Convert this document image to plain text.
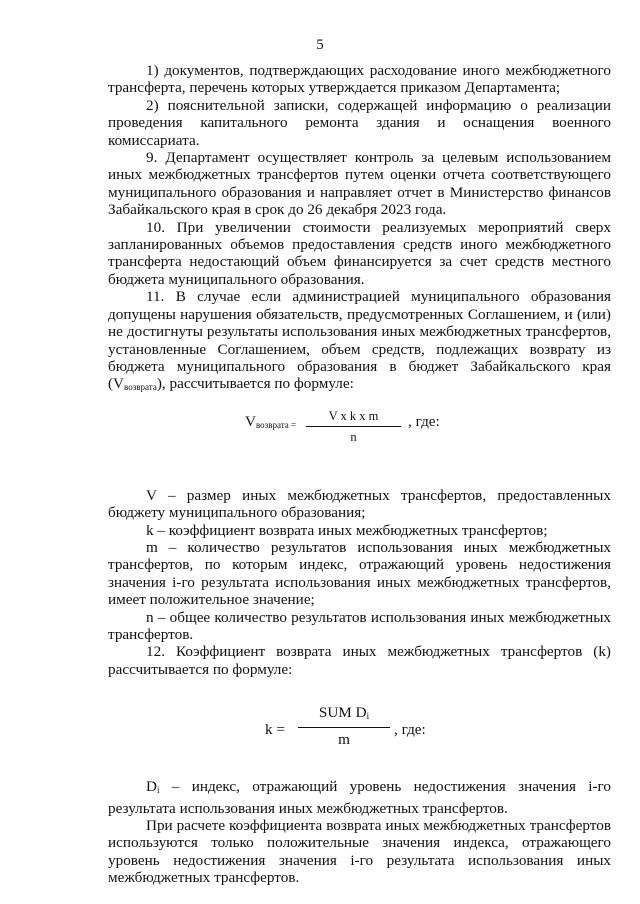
5

1) документов, подтверждающих расходование иного межбюджетного трансферта, перечень которых утверждается приказом Департамента;

2) пояснительной записки, содержащей информацию о реализации проведения капитального ремонта здания и оснащения военного комиссариата.

9. Департамент осуществляет контроль за целевым использованием иных межбюджетных трансфертов путем оценки отчета соответствующего муниципального образования и направляет отчет в Министерство финансов Забайкальского края в срок до 26 декабря 2023 года.

10. При увеличении стоимости реализуемых мероприятий сверх запланированных объемов предоставления средств иного межбюджетного трансферта недостающий объем финансируется за счет средств местного бюджета муниципального образования.

11. В случае если администрацией муниципального образования допущены нарушения обязательств, предусмотренных Соглашением, и (или) не достигнуты результаты использования иных межбюджетных трансфертов, установленные Соглашением, объем средств, подлежащих возврату из бюджета муниципального образования в бюджет Забайкальского края $(V_{возврата})$, рассчитывается по формуле:

$V_{возврата =}$
V x k x m
n
, где:

V – размер иных межбюджетных трансфертов, предоставленных бюджету муниципального образования;

k – коэффициент возврата иных межбюджетных трансфертов;

m – количество результатов использования иных межбюджетных трансфертов, по которым индекс, отражающий уровень недостижения значения i-го результата использования иных межбюджетных трансфертов, имеет положительное значение;

n – общее количество результатов использования иных межбюджетных трансфертов.

12. Коэффициент возврата иных межбюджетных трансфертов (k) рассчитывается по формуле:

k =
SUM $D_i$
m
, где:

$D_i$ – индекс, отражающий уровень недостижения значения i-го результата использования иных межбюджетных трансфертов.

При расчете коэффициента возврата иных межбюджетных трансфертов используются только положительные значения индекса, отражающего уровень недостижения значения i-го результата использования иных межбюджетных трансфертов.
